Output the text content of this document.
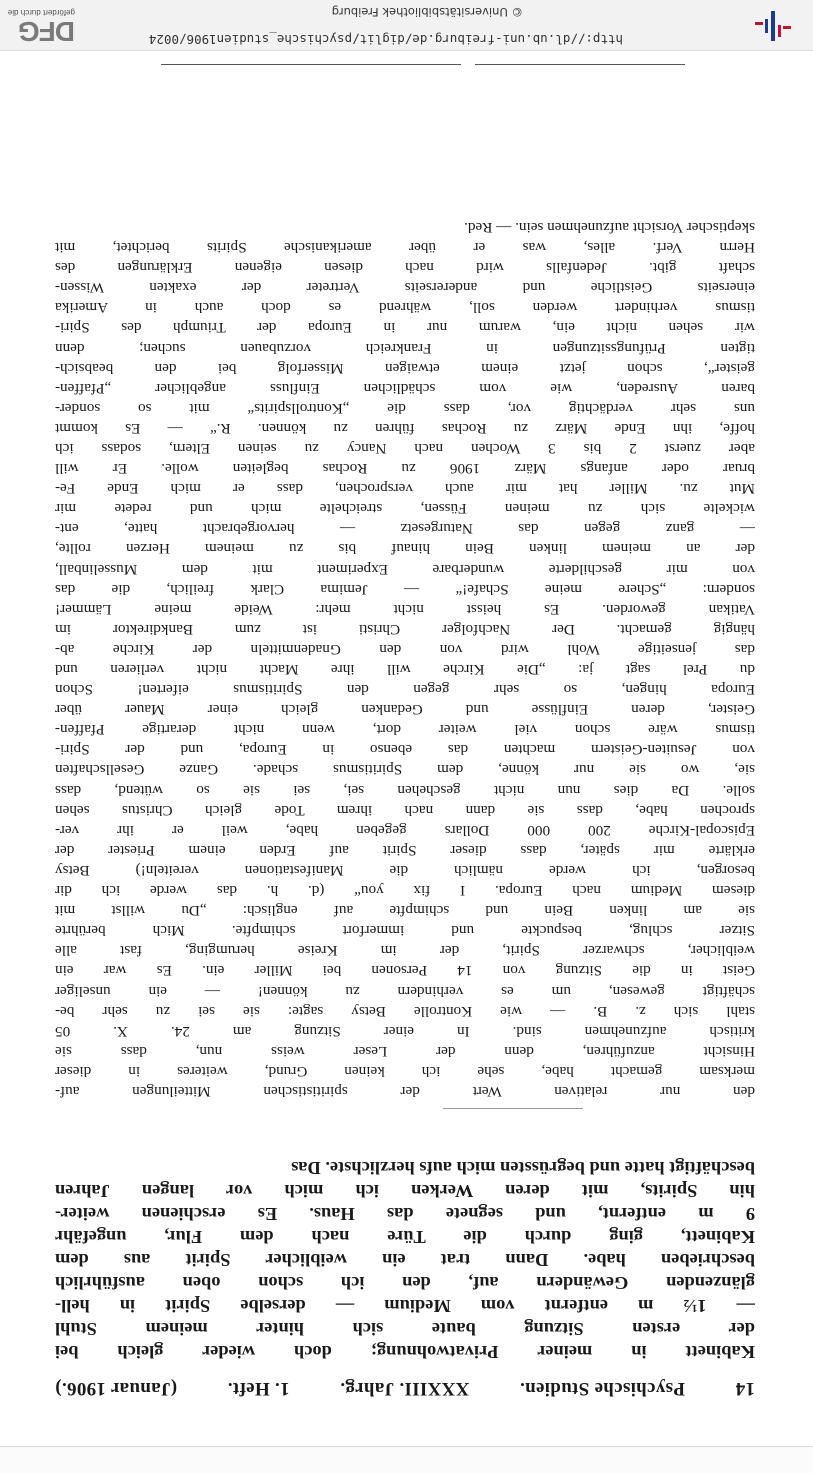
14
Psychische Studien.
XXXIII. Jahrg.
1. Heft.
(Januar 1906.)
Kabinett in meiner Privatwohnung; doch wieder gleich bei
der ersten Sitzung baute sich hinter meinem Stuhl
— 1½ m entfernt vom Medium — derselbe Spirit in hell-
glänzenden Gewändern auf, den ich schon oben ausführlich
beschrieben habe. Dann trat ein weiblicher Spirit aus dem
Kabinett, ging durch die Türe nach dem Flur, ungefähr
9 m entfernt, und segnete das Haus. Es erschienen weiter-
hin Spirits, mit deren Werken ich mich vor langen Jahren
beschäftigt hatte und begrüssten mich aufs herzlichste. Das
den nur relativen Wert der spiritistischen Mitteilungen auf-
merksam gemacht habe, sehe ich keinen Grund, weiteres in dieser
Hinsicht anzuführen, denn der Leser weiss nun, dass sie
kritisch aufzunehmen sind. In einer Sitzung am 24. X. 05
stahl sich z. B. — wie Kontrolle Betsy sagte: sie sei zu sehr be-
schäftigt gewesen, um es verhindern zu können! — ein unseliger
Geist in die Sitzung von 14 Personen bei Miller ein. Es war ein
weiblicher, schwarzer Spirit, der im Kreise herumging, fast alle
Sitzer schlug, bespuckte und immerfort schimpfte. Mich berührte
sie am linken Bein und schimpfte auf englisch: „Du willst mit
diesem Medium nach Europa. I fix you“ (d. h. das werde ich dir
besorgen, ich werde nämlich die Manifestationen vereiteln!) Betsy
erklärte mir später, dass dieser Spirit auf Erden einem Priester der
Episcopal-Kirche 200 000 Dollars gegeben habe, weil er ihr ver-
sprochen habe, dass sie dann nach ihrem Tode gleich Christus sehen
solle. Da dies nun nicht geschehen sei, sei sie so wütend, dass
sie, wo sie nur könne, dem Spiritismus schade. Ganze Gesellschaften
von Jesuiten-Geistern machten das ebenso in Europa, und der Spiri-
tismus wäre schon viel weiter dort, wenn nicht derartige Pfaffen-
Geister, deren Einflüsse und Gedanken gleich einer Mauer über
Europa hingen, so sehr gegen den Spiritismus eiferten! Schon
du Prel sagt ja: „Die Kirche will ihre Macht nicht verlieren und
das jenseitige Wohl wird von den Gnadenmitteln der Kirche ab-
hängig gemacht. Der Nachfolger Christi ist zum Bankdirektor im
Vatikan geworden. Es heisst nicht mehr: Weide meine Lämmer!
sondern: „Schere meine Schafe!“ — Jemima Clark freilich, die das
von mir geschilderte wunderbare Experiment mit dem Musselinball,
der an meinem linken Bein hinauf bis zu meinem Herzen rollte,
— ganz gegen das Naturgesetz — hervorgebracht hatte, ent-
wickelte sich zu meinen Füssen, streichelte mich und redete mir
Mut zu. Miller hat mir auch versprochen, dass er mich Ende Fe-
bruar oder anfangs März 1906 zu Rochas begleiten wolle. Er will
aber zuerst 2 bis 3 Wochen nach Nancy zu seinen Eltern, sodass ich
hoffe, ihn Ende März zu Rochas führen zu können. R.“ — Es kommt
uns sehr verdächtig vor, dass die „Kontrollspirits“ mit so sonder-
baren Ausreden, wie vom schädlichen Einfluss angeblicher „Pfaffen-
geister“, schon jetzt einem etwaigen Misserfolg bei den beabsich-
tigten Prüfungssitzungen in Frankreich vorzubauen suchen; denn
wir sehen nicht ein, warum nur in Europa der Triumph des Spiri-
tismus verhindert werden soll, während es doch auch in Amerika
einerseits Geistliche und andererseits Vertreter der exakten Wissen-
schaft gibt. Jedenfalls wird nach diesen eigenen Erklärungen des
Herrn Verf. alles, was er über amerikanische Spirits berichtet, mit
skeptischer Vorsicht aufzunehmen sein. — Red.
http://dl.ub.uni-freiburg.de/diglit/psychische_studien1906/0024
© Universitätsbibliothek Freiburg
DFG
gefördert durch die
